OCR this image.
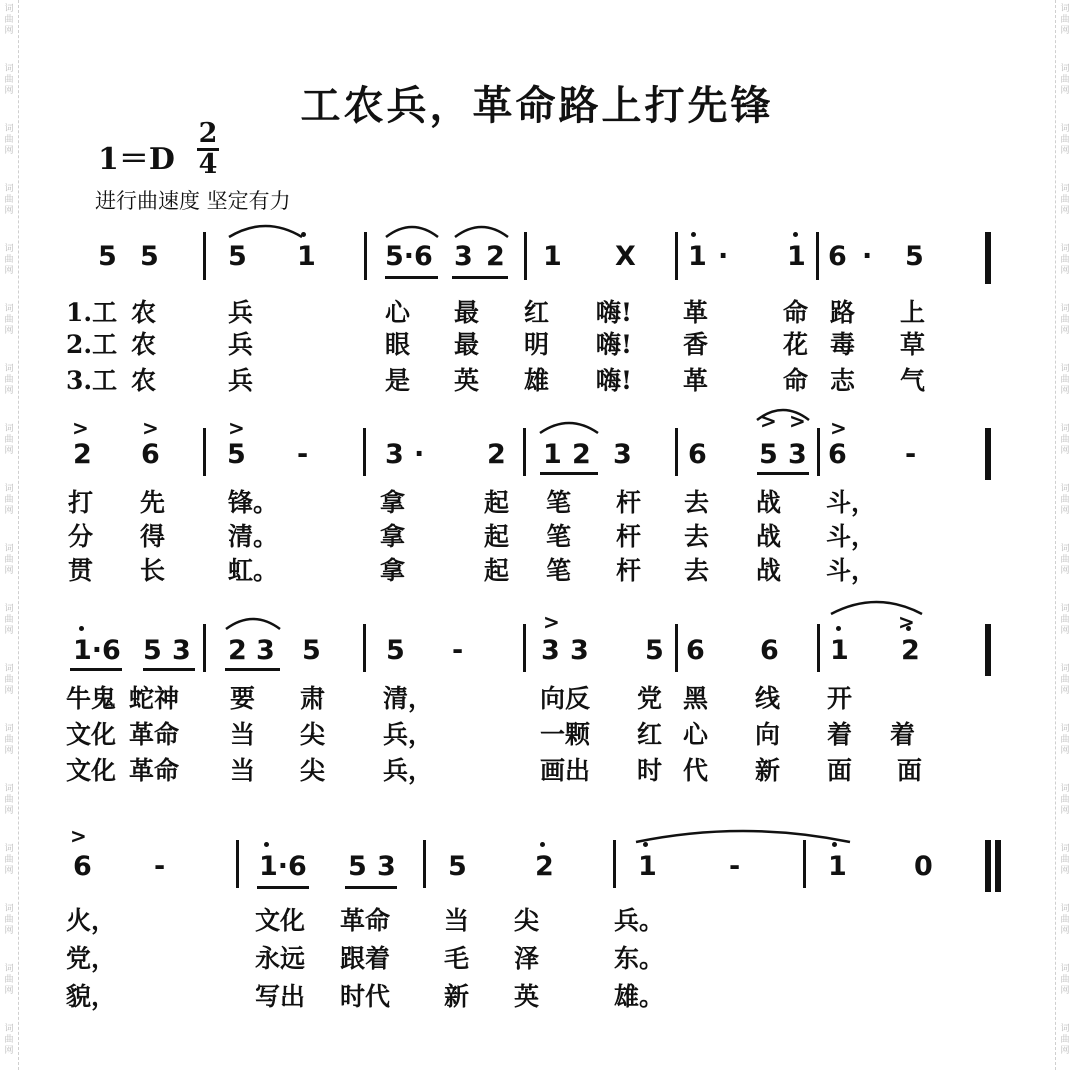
工农兵，革命路上打先锋
$1=D \frac{2}{4}$
进行曲速度 坚定有力
5 5	5 1	5·6 3 2 1 X 1 · 1 6 · 5
1.工 农	兵	心 最 红 嗨! 革	命 路 上
2.工 农	兵	眼 最 明 嗨! 香	花 毒 草
3.工 农	兵	是 英 雄 嗨! 革	命 志 气
2 6 5 -	3 · 2 1 2 3 6 5 3 6 -
>	>	>	> > >
打 先	锋。	拿	起 笔 杆 去 战 斗，
分 得	清。	拿	起 笔 杆 去 战 斗，
贯 长	虹。	拿	起 笔 杆 去 战 斗，
1·6 5 3 2 3 5 5 -	3 3 5 6 6 1 2
>	>
牛鬼 蛇神 要 肃 清，	向反 党 黑 线 开
文化 革命 当 尖 兵，	一颗 红 心 向 着
文化 革命 当 尖 兵，	画出 时 代 新 面
着
面
6 -	1·6 5 3 5	2	1	-	1 0
>
火，	文化 革命 当 尖	兵。
党，	永远 跟着 毛 泽	东。
貌，	写出 时代 新 英	雄。
词曲网
词曲网
词曲网
词曲网
词曲网
词曲网
词曲网
词曲网
词曲网
词曲网
词曲网
词曲网
词曲网
词曲网
词曲网
词曲网
词曲网
词曲网
词曲网
词曲网
词曲网
词曲网
词曲网
词曲网
词曲网
词曲网
词曲网
词曲网
词曲网
词曲网
词曲网
词曲网
词曲网
词曲网
词曲网
词曲网
